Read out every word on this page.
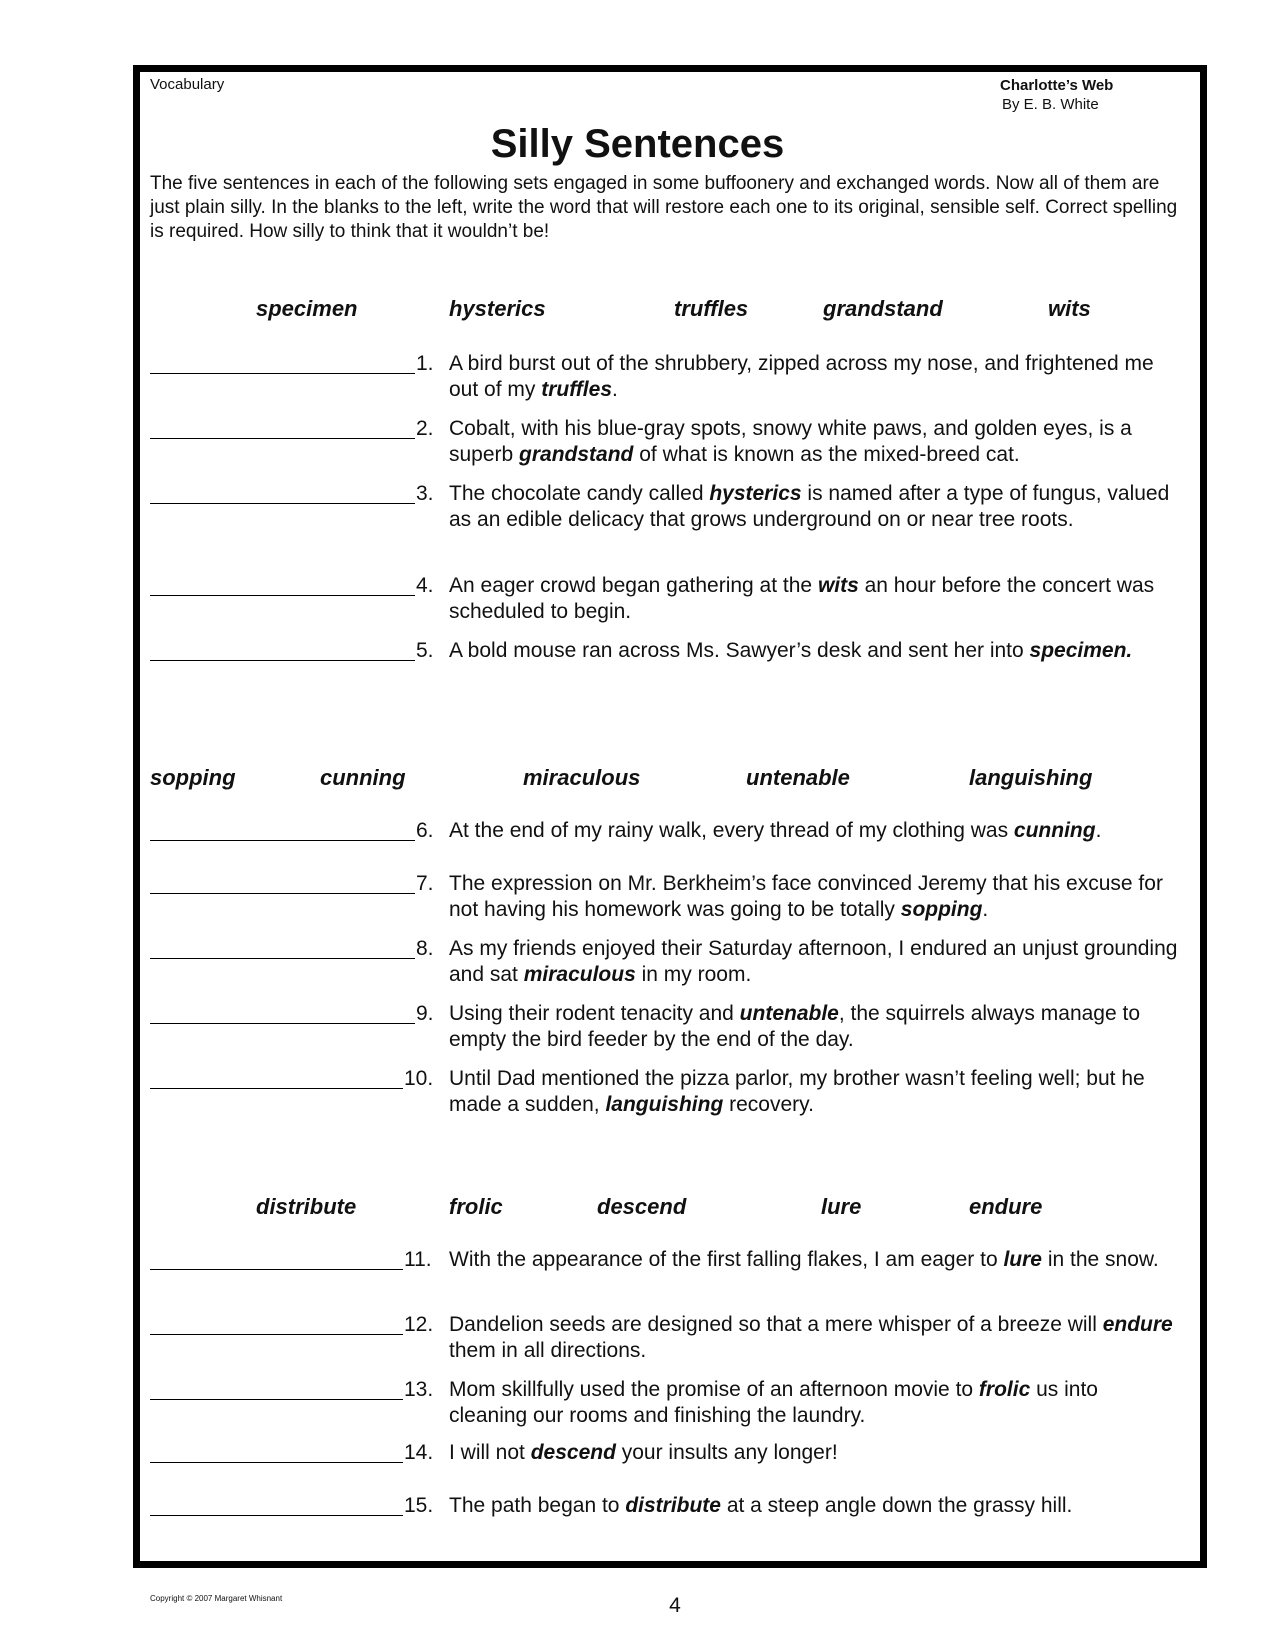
Vocabulary	Charlotte’s Web
By E. B. White
Silly Sentences
The five sentences in each of the following sets engaged in some buffoonery and exchanged words. Now all of them are just plain silly. In the blanks to the left, write the word that will restore each one to its original, sensible self. Correct spelling is required. How silly to think that it wouldn’t be!
specimen	hysterics	truffles	grandstand	wits
1. A bird burst out of the shrubbery, zipped across my nose, and frightened me out of my truffles.
2. Cobalt, with his blue-gray spots, snowy white paws, and golden eyes, is a superb grandstand of what is known as the mixed-breed cat.
3. The chocolate candy called hysterics is named after a type of fungus, valued as an edible delicacy that grows underground on or near tree roots.
4. An eager crowd began gathering at the wits an hour before the concert was scheduled to begin.
5. A bold mouse ran across Ms. Sawyer’s desk and sent her into specimen.
sopping	cunning	miraculous	untenable	languishing
6. At the end of my rainy walk, every thread of my clothing was cunning.
7. The expression on Mr. Berkheim’s face convinced Jeremy that his excuse for not having his homework was going to be totally sopping.
8. As my friends enjoyed their Saturday afternoon, I endured an unjust grounding and sat miraculous in my room.
9. Using their rodent tenacity and untenable, the squirrels always manage to empty the bird feeder by the end of the day.
10. Until Dad mentioned the pizza parlor, my brother wasn’t feeling well; but he made a sudden, languishing recovery.
distribute	frolic	descend	lure	endure
11. With the appearance of the first falling flakes, I am eager to lure in the snow.
12. Dandelion seeds are designed so that a mere whisper of a breeze will endure them in all directions.
13. Mom skillfully used the promise of an afternoon movie to frolic us into cleaning our rooms and finishing the laundry.
14. I will not descend your insults any longer!
15. The path began to distribute at a steep angle down the grassy hill.
Copyright © 2007 Margaret Whisnant	4
